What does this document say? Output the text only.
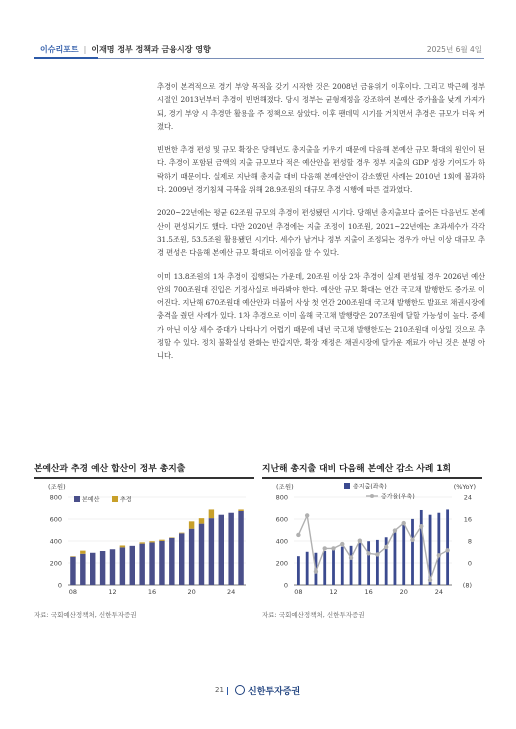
이슈리포트 | 이재명 정부 정책과 금융시장 영향	2025년 6월 4일

추경이 본격적으로 경기 부양 목적을 갖기 시작한 것은 2008년 금융위기 이후이다. 그리고 박근혜 정부 시절인 2013년부터 추경이 빈번해졌다. 당시 정부는 균형재정을 강조하여 본예산 증가율을 낮게 가져가되, 경기 부양 시 추경만 활용을 주 정책으로 삼았다. 이후 팬데믹 시기를 거치면서 추경은 규모가 더욱 커졌다.

빈번한 추경 편성 및 규모 확장은 당해년도 총지출을 키우기 때문에 다음해 본예산 규모 확대의 원인이 된다. 추경이 포함된 금액의 지출 규모보다 적은 예산안을 편성할 경우 정부 지출의 GDP 성장 기여도가 하락하기 때문이다. 실제로 지난해 총지출 대비 다음해 본예산안이 감소했던 사례는 2010년 1회에 불과하다. 2009년 경기침체 극복을 위해 28.9조원의 대규모 추경 시행에 따른 결과였다.

2020~22년에는 평균 62조원 규모의 추경이 편성됐던 시기다. 당해년 총지출보다 줄어든 다음년도 본예산이 편성되기도 했다. 다만 2020년 추경에는 지출 조정이 10조원, 2021~22년에는 초과세수가 각각 31.5조원, 53.5조원 활용됐던 시기다. 세수가 남거나 정부 지출이 조정되는 경우가 아닌 이상 대규모 추경 편성은 다음해 본예산 규모 확대로 이어짐을 알 수 있다.

이미 13.8조원의 1차 추경이 집행되는 가운데, 20조원 이상 2차 추경이 실제 편성될 경우 2026년 예산안의 700조원대 진입은 기정사실로 바라봐야 한다. 예산안 규모 확대는 연간 국고채 발행한도 증가로 이어진다. 지난해 670조원대 예산안과 더불어 사상 첫 연간 200조원대 국고채 발행한도 발표로 채권시장에 충격을 줬던 사례가 있다. 1차 추경으로 이미 올해 국고채 발행량은 207조원에 달할 가능성이 높다. 증세가 아닌 이상 세수 증대가 나타나기 어렵기 때문에 내년 국고채 발행한도는 210조원대 이상일 것으로 추정할 수 있다. 정치 불확실성 완화는 반갑지만, 확장 재정은 채권시장에 달가운 재료가 아닌 것은 분명 아니다.

본예산과 추경 예산 합산이 정부 총지출
(조원)
0
200
400
600
800
08	12	16	20	24
본예산	추경
자료: 국회예산정책처, 신한투자증권
지난해 총지출 대비 다음해 본예산 감소 사례 1회
(조원)	(%YoY)
0
200
400
600
800
(8)
0
8
16
24
08	12	16	20	24
총지출(좌축)
증가율(우축)
자료: 국회예산정책처, 신한투자증권
21	신한투자증권
